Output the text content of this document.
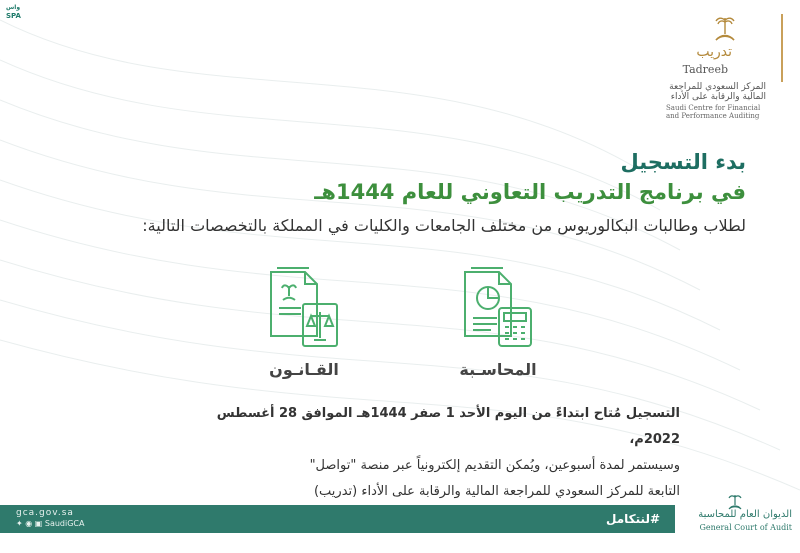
واس
SPA
تدريب
Tadreeb
المركز السعودي للمراجعة
المالية والرقابة على الأداء
Saudi Centre for Financial
and Performance Auditing
بدء التسجيل
في برنامج التدريب التعاوني للعام 1444هـ
لطلاب وطالبات البكالوريوس من مختلف الجامعات والكليات في المملكة بالتخصصات التالية:
المحاسـبة
القـانـون
التسجيل مُتاح ابتداءً من اليوم الأحد 1 صفر 1444هـ الموافق 28 أغسطس 2022م،
وسيستمر لمدة أسبوعين، ويُمكن التقديم إلكترونياً عبر منصة "تواصل"
التابعة للمركز السعودي للمراجعة المالية والرقابة على الأداء (تدريب)
gca.gov.sa
✦ ◉ ▣ SaudiGCA	#لنتكامل	الديوان العام للمحاسبة
General Court of Audit
